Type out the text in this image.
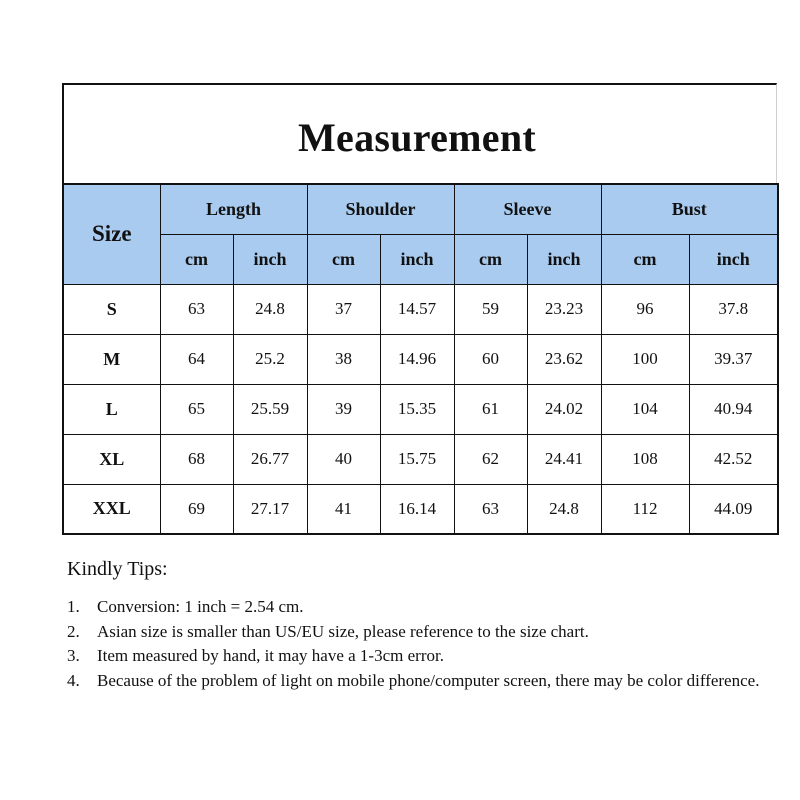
Measurement
Size	Length		Shoulder		Sleeve		Bust	
	cm	inch	cm	inch	cm	inch	cm	inch
S	63	24.8	37	14.57	59	23.23	96	37.8
M	64	25.2	38	14.96	60	23.62	100	39.37
L	65	25.59	39	15.35	61	24.02	104	40.94
XL	68	26.77	40	15.75	62	24.41	108	42.52
XXL	69	27.17	41	16.14	63	24.8	112	44.09

Kindly Tips:

1.	Conversion: 1 inch = 2.54 cm.
2.	Asian size is smaller than US/EU size, please reference to the size chart.
3.	Item measured by hand, it may have a 1-3cm error.
4.	Because of the problem of light on mobile phone/computer screen, there may be color difference.
